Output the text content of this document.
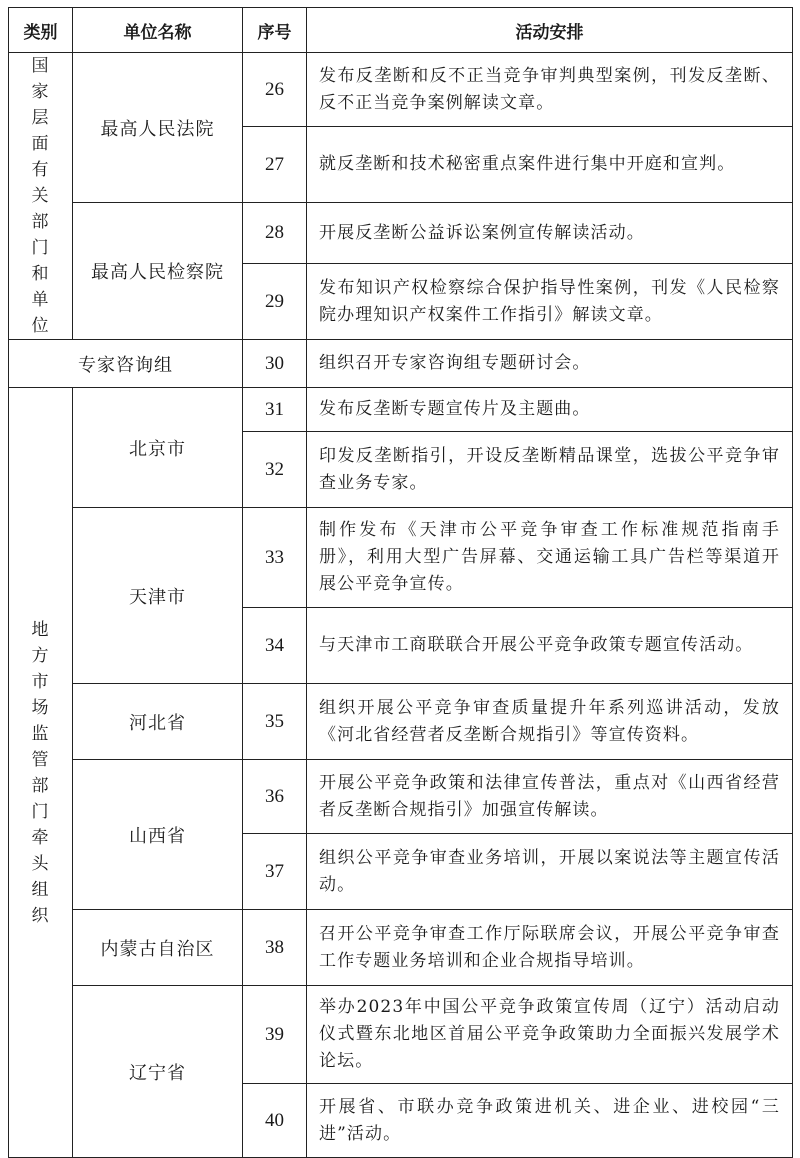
类别	单位名称	序号	活动安排
国家层面有关部门和单位	最高人民法院	26	发布反垄断和反不正当竞争审判典型案例，刊发反垄断、反不正当竞争案例解读文章。
		27	就反垄断和技术秘密重点案件进行集中开庭和宣判。
	最高人民检察院	28	开展反垄断公益诉讼案例宣传解读活动。
		29	发布知识产权检察综合保护指导性案例，刊发《人民检察院办理知识产权案件工作指引》解读文章。
专家咨询组		30	组织召开专家咨询组专题研讨会。
地方市场监管部门牵头组织	北京市	31	发布反垄断专题宣传片及主题曲。
		32	印发反垄断指引，开设反垄断精品课堂，选拔公平竞争审查业务专家。
	天津市	33	制作发布《天津市公平竞争审查工作标准规范指南手册》，利用大型广告屏幕、交通运输工具广告栏等渠道开展公平竞争宣传。
		34	与天津市工商联联合开展公平竞争政策专题宣传活动。
	河北省	35	组织开展公平竞争审查质量提升年系列巡讲活动，发放《河北省经营者反垄断合规指引》等宣传资料。
	山西省	36	开展公平竞争政策和法律宣传普法，重点对《山西省经营者反垄断合规指引》加强宣传解读。
		37	组织公平竞争审查业务培训，开展以案说法等主题宣传活动。
	内蒙古自治区	38	召开公平竞争审查工作厅际联席会议，开展公平竞争审查工作专题业务培训和企业合规指导培训。
	辽宁省	39	举办2023年中国公平竞争政策宣传周（辽宁）活动启动仪式暨东北地区首届公平竞争政策助力全面振兴发展学术论坛。
		40	开展省、市联办竞争政策进机关、进企业、进校园“三进”活动。
